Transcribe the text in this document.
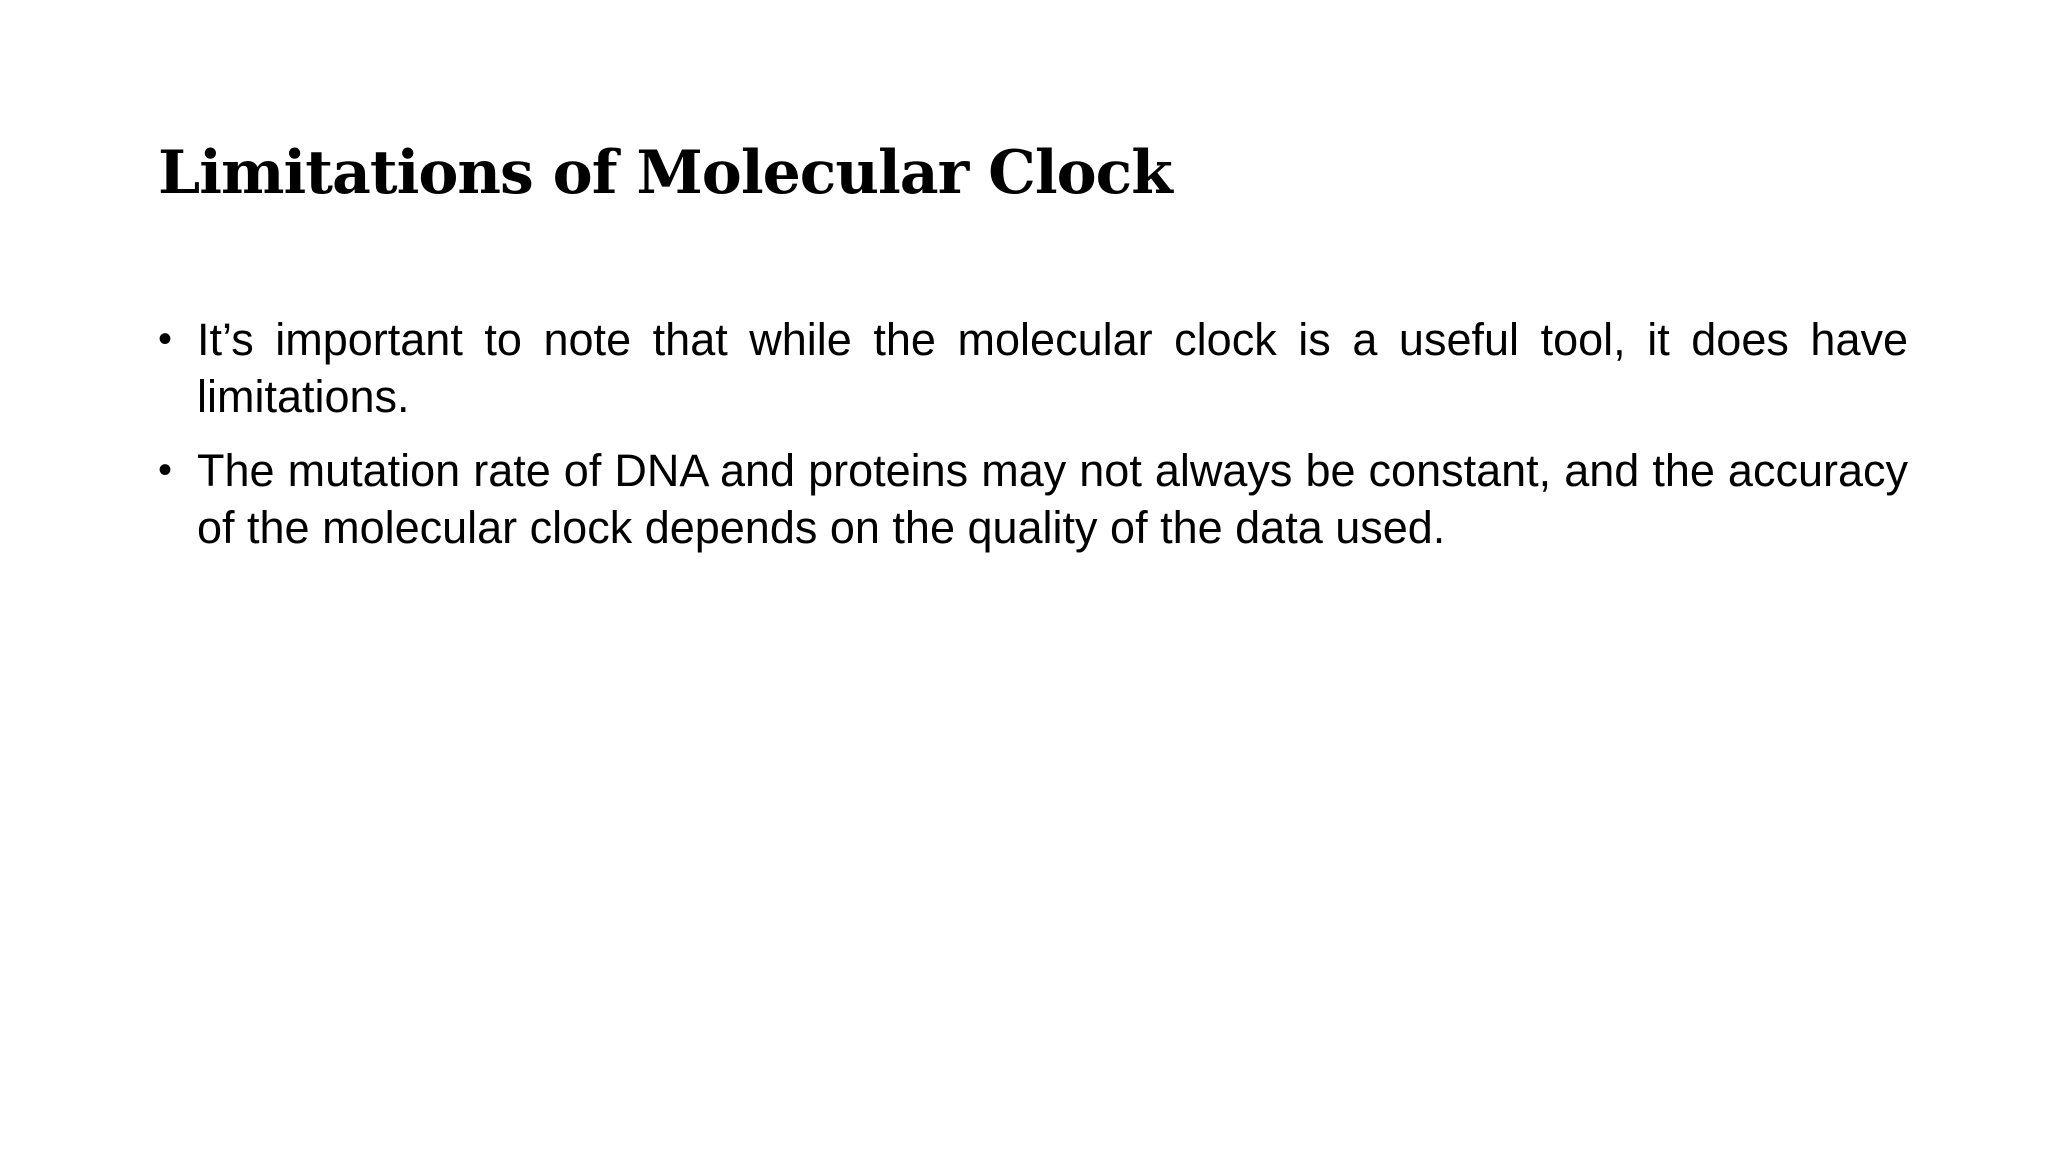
Limitations of Molecular Clock
• It’s important to note that while the molecular clock is a useful tool, it does have limitations.
• The mutation rate of DNA and proteins may not always be constant, and the accuracy of the molecular clock depends on the quality of the data used.
